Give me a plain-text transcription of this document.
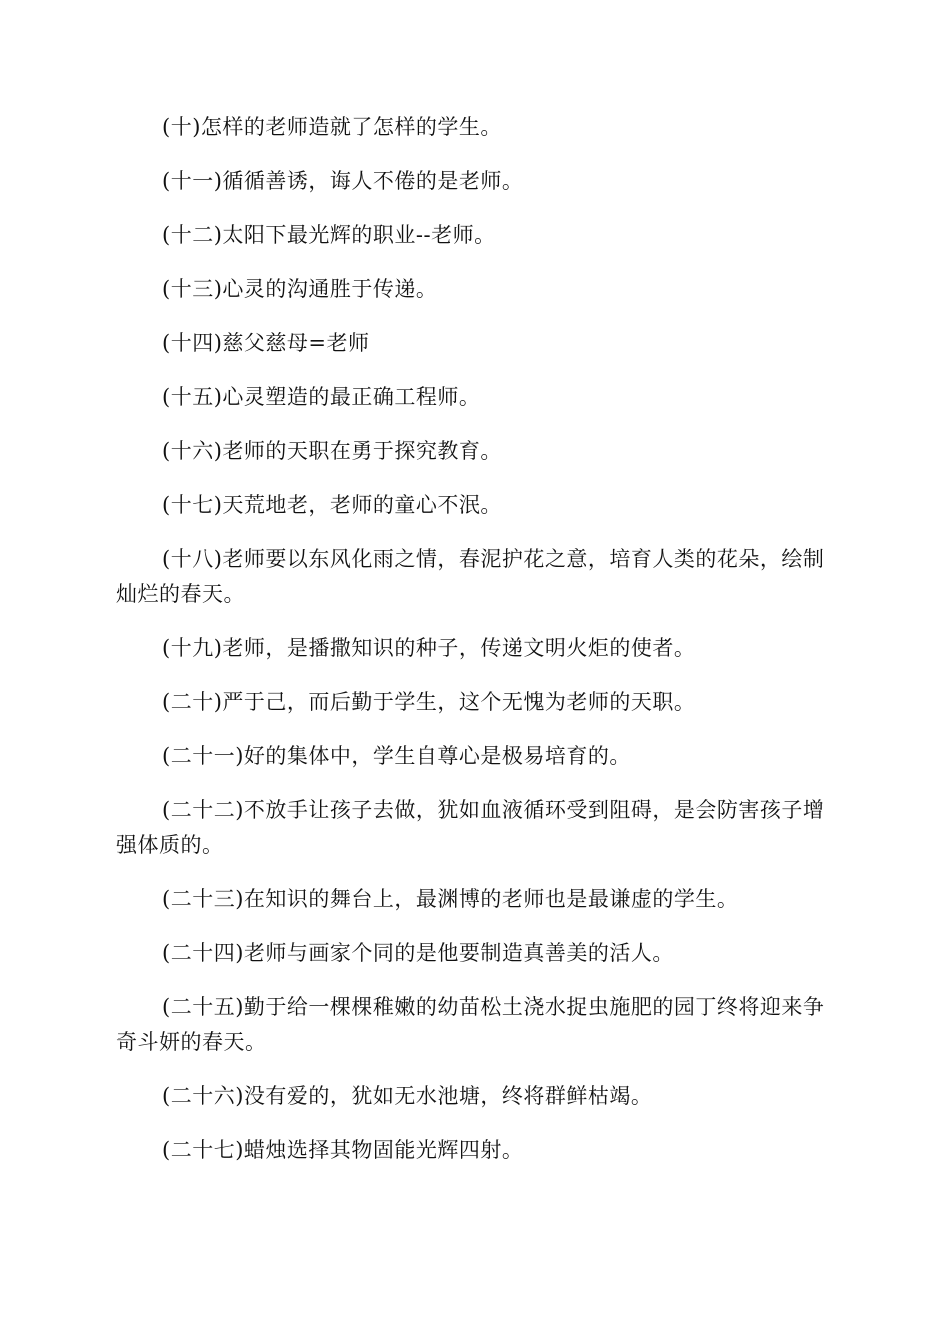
(十)怎样的老师造就了怎样的学生。

(十一)循循善诱，诲人不倦的是老师。

(十二)太阳下最光辉的职业--老师。

(十三)心灵的沟通胜于传递。

(十四)慈父慈母=老师

(十五)心灵塑造的最正确工程师。

(十六)老师的天职在勇于探究教育。

(十七)天荒地老，老师的童心不泯。

(十八)老师要以东风化雨之情，春泥护花之意，培育人类的花朵，绘制灿烂的春天。

(十九)老师，是播撒知识的种子，传递文明火炬的使者。

(二十)严于己，而后勤于学生，这个无愧为老师的天职。

(二十一)好的集体中，学生自尊心是极易培育的。

(二十二)不放手让孩子去做，犹如血液循环受到阻碍，是会防害孩子增强体质的。

(二十三)在知识的舞台上，最渊博的老师也是最谦虚的学生。

(二十四)老师与画家个同的是他要制造真善美的活人。

(二十五)勤于给一棵棵稚嫩的幼苗松土浇水捉虫施肥的园丁终将迎来争奇斗妍的春天。

(二十六)没有爱的，犹如无水池塘，终将群鲜枯竭。

(二十七)蜡烛选择其物固能光辉四射。
